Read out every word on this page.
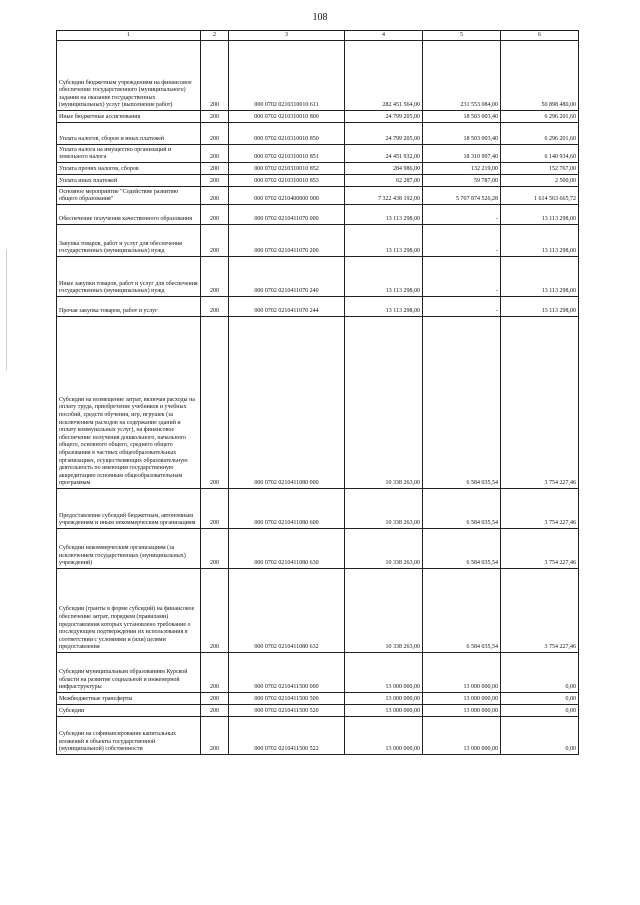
108
1	2	3	4	5	6
Субсидии бюджетным учреждениям на финансовое обеспечение государственного (муниципального) задания на оказание государственных (муниципальных) услуг (выполнение работ)	200	000 0702 0210310010 611	282 451 564,00	231 553 084,00	50 898 480,00
Иные бюджетные ассигнования	200	000 0702 0210310010 800	24 799 205,00	18 503 003,40	6 296 201,60
Уплата налогов, сборов и иных платежей	200	000 0702 0210310010 850	24 799 205,00	18 503 003,40	6 296 201,60
Уплата налога на имущество организаций и земельного налога	200	000 0702 0210310010 851	24 451 932,00	18 310 997,40	6 140 934,60
Уплата прочих налогов, сборов	200	000 0702 0210310010 852	284 986,00	132 219,00	152 767,00
Уплата иных платежей	200	000 0702 0210310010 853	62 287,00	59 787,00	2 500,00
Основное мероприятие "Содействие развитию общего образования"	200	000 0702 0210400000 000	7 322 438 192,00	5 707 874 526,28	1 614 563 665,72
Обеспечение получения качественного образования	200	000 0702 0210411070 000	13 113 298,00	-	13 113 298,00
Закупка товаров, работ и услуг для обеспечения государственных (муниципальных) нужд	200	000 0702 0210411070 200	13 113 298,00	-	13 113 298,00
Иные закупки товаров, работ и услуг для обеспечения государственных (муниципальных) нужд	200	000 0702 0210411070 240	13 113 298,00	-	13 113 298,00
Прочая закупка товаров, работ и услуг	200	000 0702 0210411070 244	13 113 298,00	-	13 113 298,00
Субсидии на возмещение затрат, включая расходы на оплату труда, приобретение учебников и учебных пособий, средств обучения, игр, игрушек (за исключением расходов на содержание зданий и оплату коммунальных услуг), на финансовое обеспечение получения дошкольного, начального общего, основного общего, среднего общего образования в частных общеобразовательных организациях, осуществляющих образовательную деятельность по имеющим государственную аккредитацию основным общеобразовательным программам	200	000 0702 0210411080 000	10 338 263,00	6 584 035,54	3 754 227,46
Предоставление субсидий бюджетным, автономным учреждениям и иным некоммерческим организациям	200	000 0702 0210411080 600	10 338 263,00	6 584 035,54	3 754 227,46
Субсидии некоммерческим организациям (за исключением государственных (муниципальных) учреждений)	200	000 0702 0210411080 630	10 338 263,00	6 584 035,54	3 754 227,46
Субсидии (гранты в форме субсидий) на финансовое обеспечение затрат, порядком (правилами) предоставления которых установлено требование о последующем подтверждении их использования в соответствии с условиями и (или) целями предоставления	200	000 0702 0210411080 632	10 338 263,00	6 584 035,54	3 754 227,46
Субсидии муниципальным образованиям Курской области на развитие социальной и инженерной инфраструктуры	200	000 0702 0210411500 000	13 000 000,00	13 000 000,00	0,00
Межбюджетные трансферты	200	000 0702 0210411500 500	13 000 000,00	13 000 000,00	0,00
Субсидии	200	000 0702 0210411500 520	13 000 000,00	13 000 000,00	0,00
Субсидии на софинансирование капитальных вложений в объекты государственной (муниципальной) собственности	200	000 0702 0210411500 522	13 000 000,00	13 000 000,00	0,00
